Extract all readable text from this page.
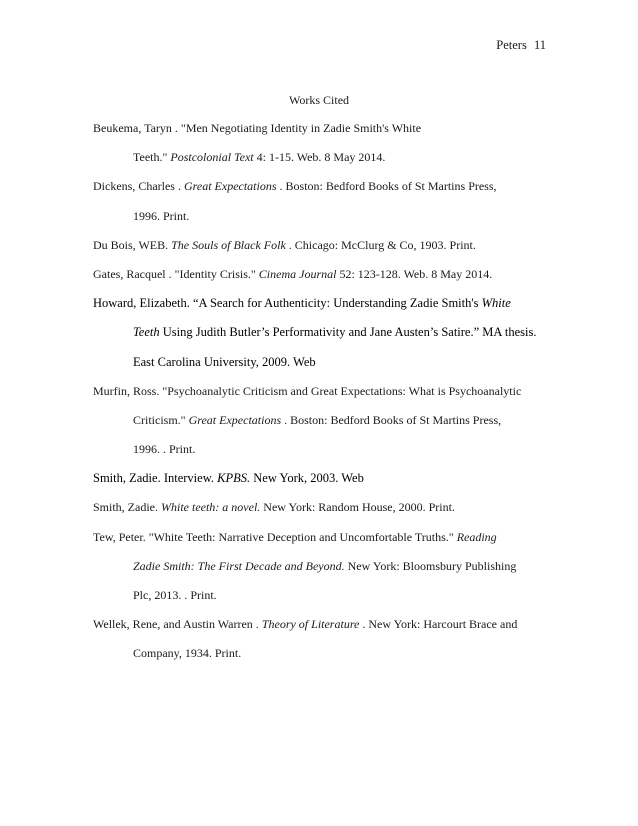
Peters 11
Works Cited
Beukema, Taryn . "Men Negotiating Identity in Zadie Smith's White
Teeth." Postcolonial Text 4: 1-15. Web. 8 May 2014.
Dickens, Charles . Great Expectations . Boston: Bedford Books of St Martins Press,
1996. Print.
Du Bois, WEB. The Souls of Black Folk . Chicago: McClurg & Co, 1903. Print.
Gates, Racquel . "Identity Crisis." Cinema Journal 52: 123-128. Web. 8 May 2014.
Howard, Elizabeth. “A Search for Authenticity: Understanding Zadie Smith's White
Teeth Using Judith Butler’s Performativity and Jane Austen’s Satire.” MA thesis.
East Carolina University, 2009. Web
Murfin, Ross. "Psychoanalytic Criticism and Great Expectations: What is Psychoanalytic
Criticism." Great Expectations . Boston: Bedford Books of St Martins Press,
1996. . Print.
Smith, Zadie. Interview. KPBS. New York, 2003. Web
Smith, Zadie. White teeth: a novel. New York: Random House, 2000. Print.
Tew, Peter. "White Teeth: Narrative Deception and Uncomfortable Truths." Reading
Zadie Smith: The First Decade and Beyond. New York: Bloomsbury Publishing
Plc, 2013. . Print.
Wellek, Rene, and Austin Warren . Theory of Literature . New York: Harcourt Brace and
Company, 1934. Print.
